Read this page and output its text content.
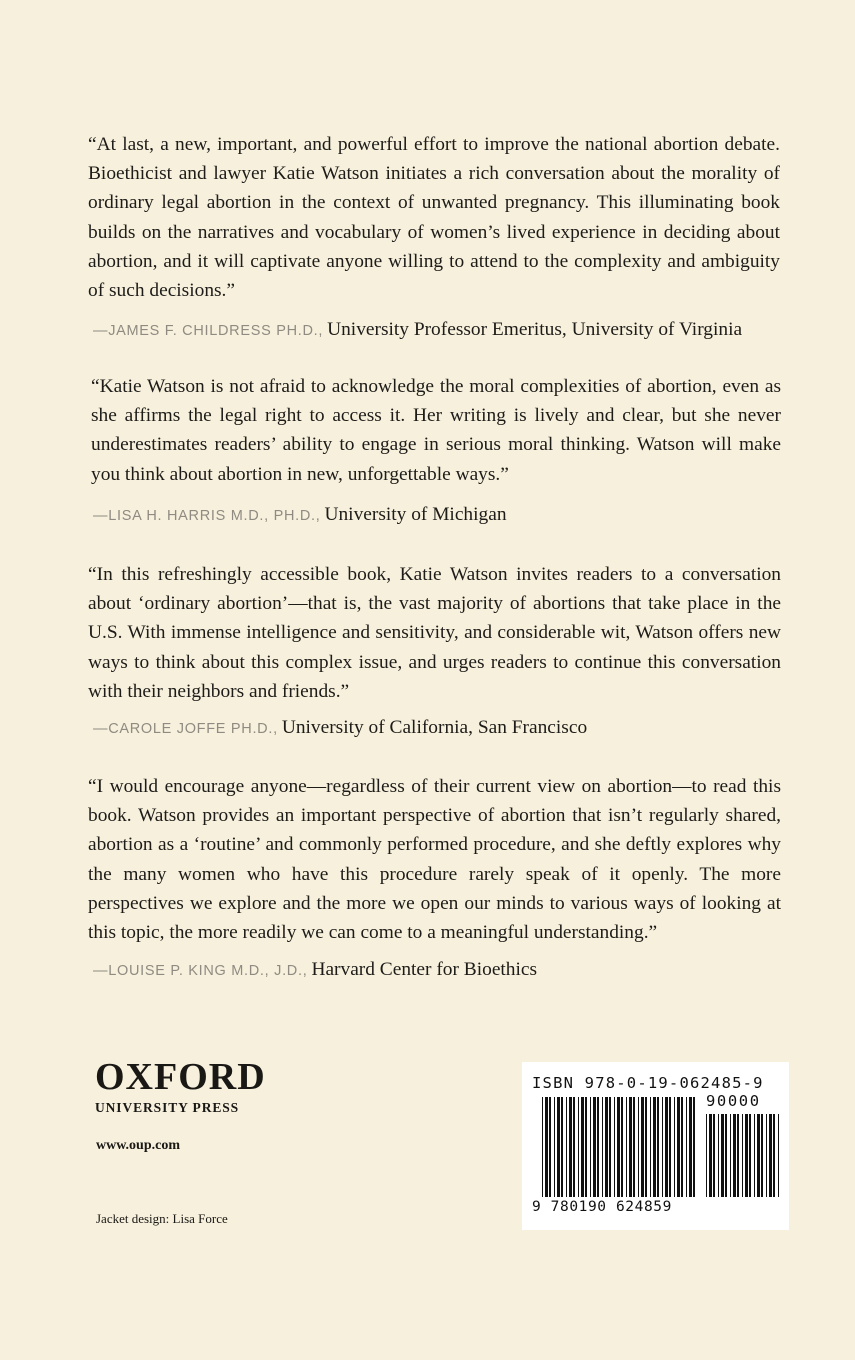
“At last, a new, important, and powerful effort to improve the national abortion debate. Bioethicist and lawyer Katie Watson initiates a rich conversation about the morality of ordinary legal abortion in the context of unwanted pregnancy. This illuminating book builds on the narratives and vocabulary of women’s lived experience in deciding about abortion, and it will captivate anyone willing to attend to the complexity and ambiguity of such decisions.”
—JAMES F. CHILDRESS PH.D., University Professor Emeritus, University of Virginia
“Katie Watson is not afraid to acknowledge the moral complexities of abortion, even as she affirms the legal right to access it. Her writing is lively and clear, but she never underestimates readers’ ability to engage in serious moral thinking. Watson will make you think about abortion in new, unforgettable ways.”
—LISA H. HARRIS M.D., PH.D., University of Michigan
“In this refreshingly accessible book, Katie Watson invites readers to a conversation about ‘ordinary abortion’—that is, the vast majority of abortions that take place in the U.S. With immense intelligence and sensitivity, and considerable wit, Watson offers new ways to think about this complex issue, and urges readers to continue this conversation with their neighbors and friends.”
—CAROLE JOFFE PH.D., University of California, San Francisco
“I would encourage anyone—regardless of their current view on abortion—to read this book. Watson provides an important perspective of abortion that isn’t regularly shared, abortion as a ‘routine’ and commonly performed procedure, and she deftly explores why the many women who have this procedure rarely speak of it openly. The more perspectives we explore and the more we open our minds to various ways of looking at this topic, the more readily we can come to a meaningful understanding.”
—LOUISE P. KING M.D., J.D., Harvard Center for Bioethics
OXFORD
UNIVERSITY PRESS
www.oup.com
Jacket design: Lisa Force
ISBN 978-0-19-062485-9
90000
9 780190 624859
